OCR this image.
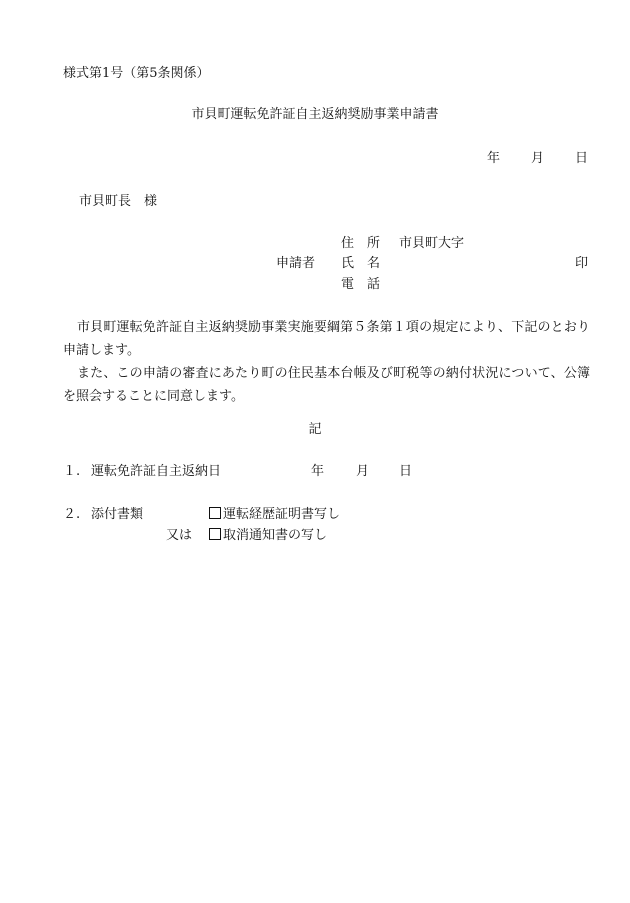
様式第1号（第5条関係）
市貝町運転免許証自主返納奨励事業申請書
年 月 日
市貝町長　様
住　所 市貝町大字
申請者 氏　名	印
電　話

市貝町運転免許証自主返納奨励事業実施要綱第５条第１項の規定により、下記のとおり申請します。

また、この申請の審査にあたり町の住民基本台帳及び町税等の納付状況について、公簿を照会することに同意します。

記
１. 運転免許証自主返納日	年 月 日
２. 添付書類	運転経歴証明書写し
又は	取消通知書の写し
